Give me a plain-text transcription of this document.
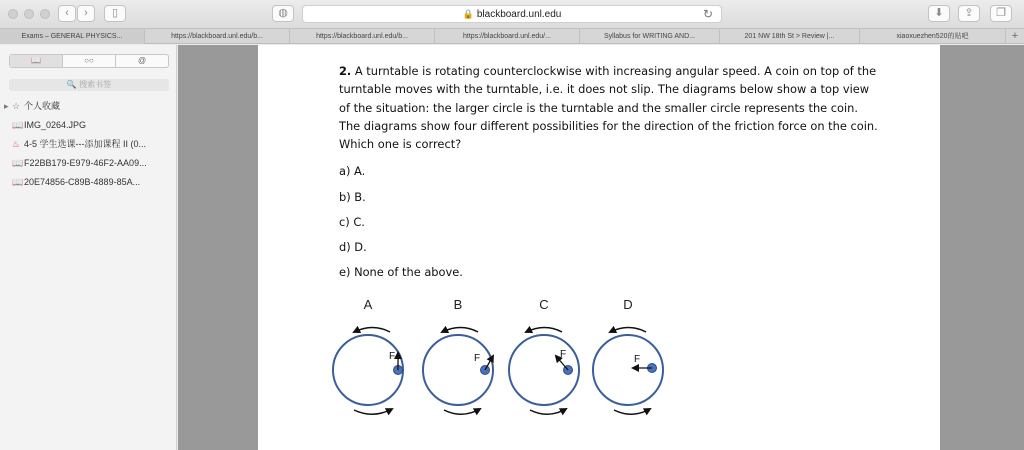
‹	›	▯	◍	🔒 blackboard.unl.edu	↻	⬇	⇪	❐
Exams – GENERAL PHYSICS...	https://blackboard.unl.edu/b...	https://blackboard.unl.edu/b...	https://blackboard.unl.edu/...	Syllabus for WRITING AND...	201 NW 18th St > Review |...	xiaoxuezhen520的贴吧	+
📖	○○	@
🔍 搜索书签
▸ ☆ 个人收藏
📖IMG_0264.JPG
♨ 4-5 学生选课---添加课程 II (0...
📖F22BB179-E979-46F2-AA09...
📖20E74856-C89B-4889-85A...
2. A turntable is rotating counterclockwise with increasing angular speed. A coin on top of the turntable moves with the turntable, i.e. it does not slip. The diagrams below show a top view of the situation: the larger circle is the turntable and the smaller circle represents the coin. The diagrams show four different possibilities for the direction of the friction force on the coin. Which one is correct?
a) A.
b) B.
c) C.
d) D.
e) None of the above.
A
F
B
F
C
F
D
F
